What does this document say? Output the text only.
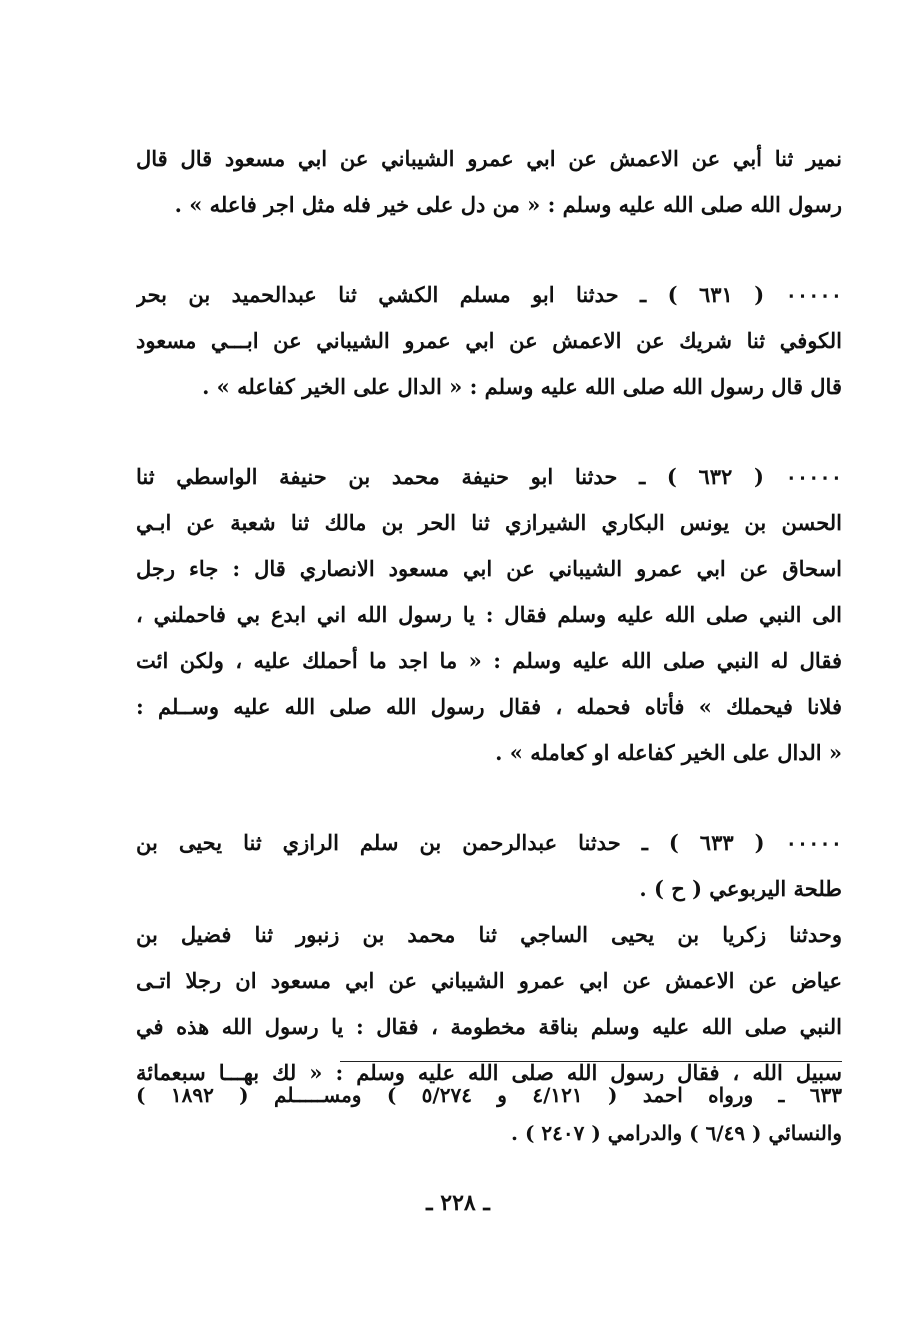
نمير ثنا أبي عن الاعمش عن ابي عمرو الشيباني عن ابي مسعود قال قال
رسول الله صلى الله عليه وسلم : « من دل على خير فله مثل اجر فاعله » .
٠٠٠٠٠ ( ٦٣١ ) ـ حدثنا ابو مسلم الكشي ثنا عبدالحميد بن بحر
الكوفي ثنا شريك عن الاعمش عن ابي عمرو الشيباني عن ابـــي مسعود
قال قال رسول الله صلى الله عليه وسلم : « الدال على الخير كفاعله » .
٠٠٠٠٠ ( ٦٣٢ ) ـ حدثنا ابو حنيفة محمد بن حنيفة الواسطي ثنا
الحسن بن يونس البكاري الشيرازي ثنا الحر بن مالك ثنا شعبة عن ابـي
اسحاق عن ابي عمرو الشيباني عن ابي مسعود الانصاري قال : جاء رجل
الى النبي صلى الله عليه وسلم فقال : يا رسول الله اني ابدع بي فاحملني ،
فقال له النبي صلى الله عليه وسلم : « ما اجد ما أحملك عليه ، ولكن ائت
فلانا فيحملك » فأتاه فحمله ، فقال رسول الله صلى الله عليه وســلم :
« الدال على الخير كفاعله او كعامله » .
٠٠٠٠٠ ( ٦٣٣ ) ـ حدثنا عبدالرحمن بن سلم الرازي ثنا يحيى بن
طلحة اليربوعي ( ح ) .
وحدثنا زكريا بن يحيى الساجي ثنا محمد بن زنبور ثنا فضيل بن
عياض عن الاعمش عن ابي عمرو الشيباني عن ابي مسعود ان رجلا اتـى
النبي صلى الله عليه وسلم بناقة مخطومة ، فقال : يا رسول الله هذه في
سبيل الله ، فقال رسول الله صلى الله عليه وسلم : « لك بهـــا سبعمائة
٦٣٣ ـ ورواه احمد ( ٤/١٢١ و ٥/٢٧٤ ) ومســـــلم ( ١٨٩٢ )
والنسائي ( ٦/٤٩ ) والدرامي ( ٢٤٠٧ ) .
ـ ٢٢٨ ـ
